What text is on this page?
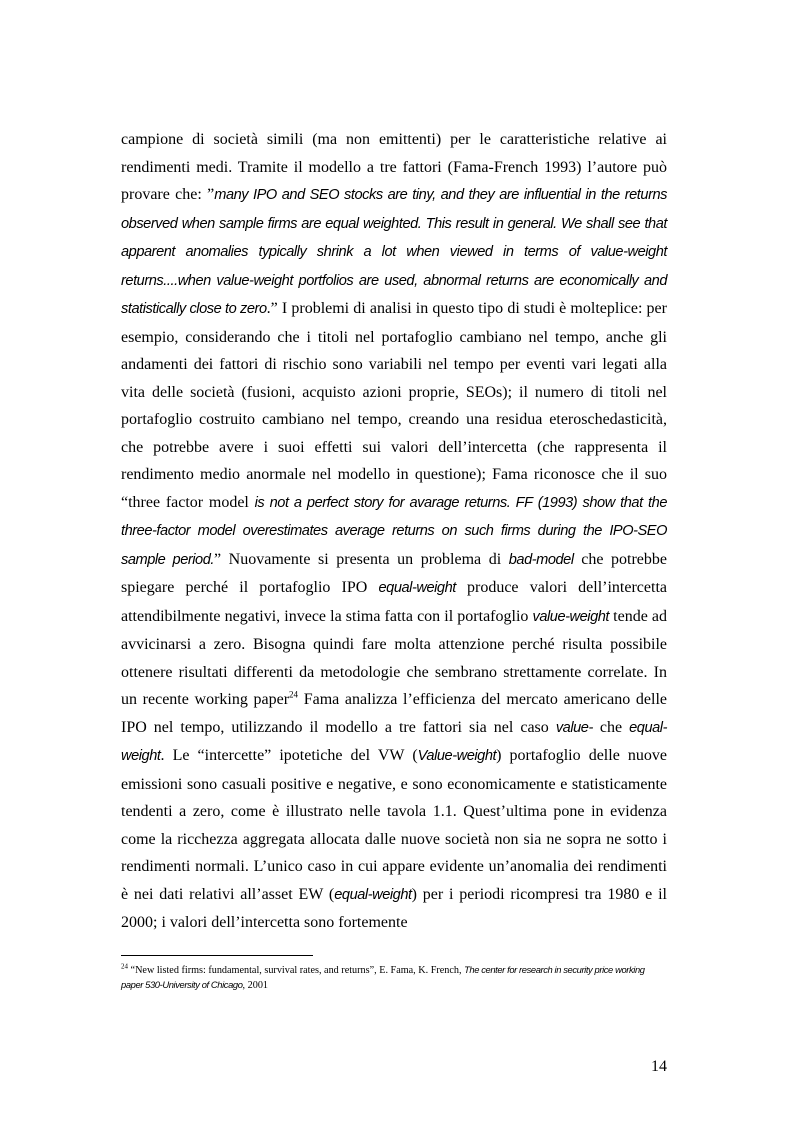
campione di società simili (ma non emittenti) per le caratteristiche relative ai rendimenti medi. Tramite il modello a tre fattori (Fama-French 1993) l’autore può provare che: ”many IPO and SEO stocks are tiny, and they are influential in the returns observed when sample firms are equal weighted. This result in general. We shall see that apparent anomalies typically shrink a lot when viewed in terms of value-weight returns....when value-weight portfolios are used, abnormal returns are economically and statistically close to zero.” I problemi di analisi in questo tipo di studi è molteplice: per esempio, considerando che i titoli nel portafoglio cambiano nel tempo, anche gli andamenti dei fattori di rischio sono variabili nel tempo per eventi vari legati alla vita delle società (fusioni, acquisto azioni proprie, SEOs); il numero di titoli nel portafoglio costruito cambiano nel tempo, creando una residua eteroschedasticità, che potrebbe avere i suoi effetti sui valori dell’intercetta (che rappresenta il rendimento medio anormale nel modello in questione); Fama riconosce che il suo “three factor model is not a perfect story for avarage returns. FF (1993) show that the three-factor model overestimates average returns on such firms during the IPO-SEO sample period.” Nuovamente si presenta un problema di bad-model che potrebbe spiegare perché il portafoglio IPO equal-weight produce valori dell’intercetta attendibilmente negativi, invece la stima fatta con il portafoglio value-weight tende ad avvicinarsi a zero. Bisogna quindi fare molta attenzione perché risulta possibile ottenere risultati differenti da metodologie che sembrano strettamente correlate. In un recente working paper$^{24}$ Fama analizza l’efficienza del mercato americano delle IPO nel tempo, utilizzando il modello a tre fattori sia nel caso value- che equal-weight. Le “intercette” ipotetiche del VW (Value-weight) portafoglio delle nuove emissioni sono casuali positive e negative, e sono economicamente e statisticamente tendenti a zero, come è illustrato nelle tavola 1.1. Quest’ultima pone in evidenza come la ricchezza aggregata allocata dalle nuove società non sia ne sopra ne sotto i rendimenti normali. L’unico caso in cui appare evidente un’anomalia dei rendimenti è nei dati relativi all’asset EW (equal-weight) per i periodi ricompresi tra 1980 e il 2000; i valori dell’intercetta sono fortemente

$^{24}$ “New listed firms: fundamental, survival rates, and returns”, E. Fama, K. French, The center for research in security price working paper 530-University of Chicago, 2001

14
